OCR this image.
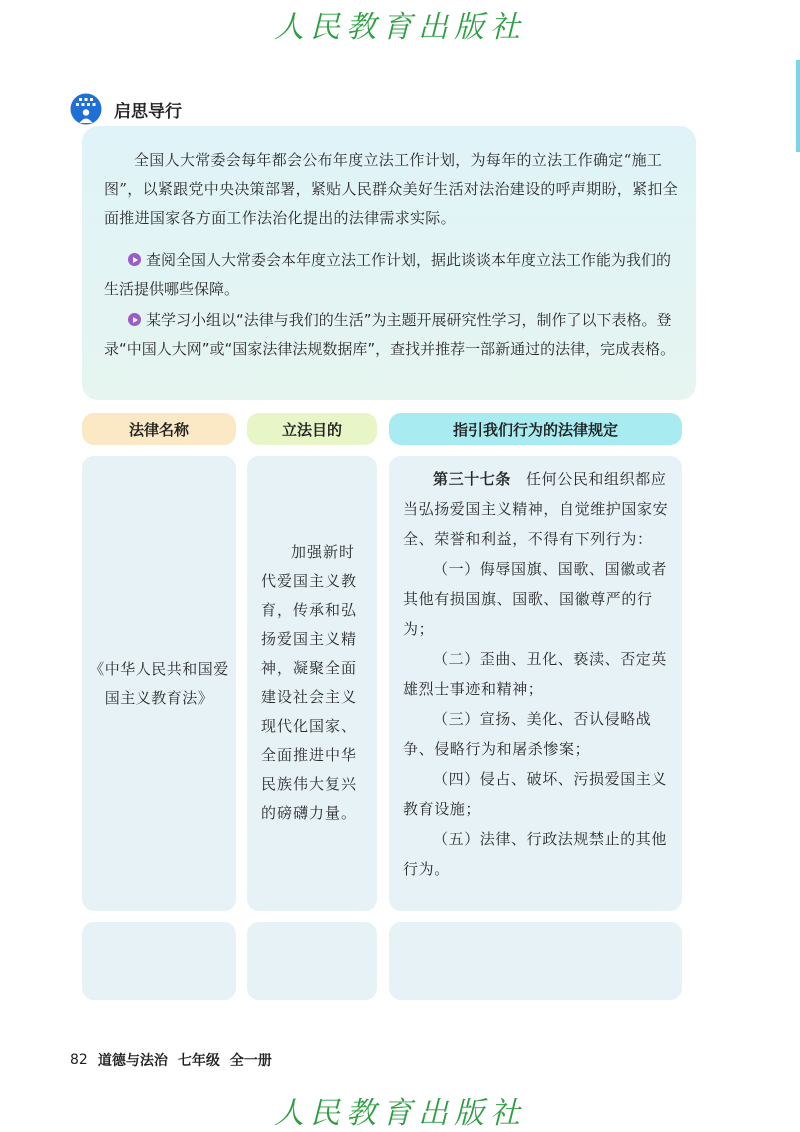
人民教育出版社
启思导行

全国人大常委会每年都会公布年度立法工作计划，为每年的立法工作确定“施工图”，以紧跟党中央决策部署，紧贴人民群众美好生活对法治建设的呼声期盼，紧扣全面推进国家各方面工作法治化提出的法律需求实际。

查阅全国人大常委会本年度立法工作计划，据此谈谈本年度立法工作能为我们的生活提供哪些保障。

某学习小组以“法律与我们的生活”为主题开展研究性学习，制作了以下表格。登录“中国人大网”或“国家法律法规数据库”，查找并推荐一部新通过的法律，完成表格。

法律名称	立法目的	指引我们行为的法律规定

《中华人民共和国爱国主义教育法》

加强新时代爱国主义教育，传承和弘扬爱国主义精神，凝聚全面建设社会主义现代化国家、全面推进中华民族伟大复兴的磅礴力量。

第三十七条 任何公民和组织都应当弘扬爱国主义精神，自觉维护国家安全、荣誉和利益，不得有下列行为：
（一）侮辱国旗、国歌、国徽或者其他有损国旗、国歌、国徽尊严的行为；
（二）歪曲、丑化、亵渎、否定英雄烈士事迹和精神；
（三）宣扬、美化、否认侵略战争、侵略行为和屠杀惨案；
（四）侵占、破坏、污损爱国主义教育设施；
（五）法律、行政法规禁止的其他行为。

82 道德与法治 七年级 全一册
人民教育出版社
